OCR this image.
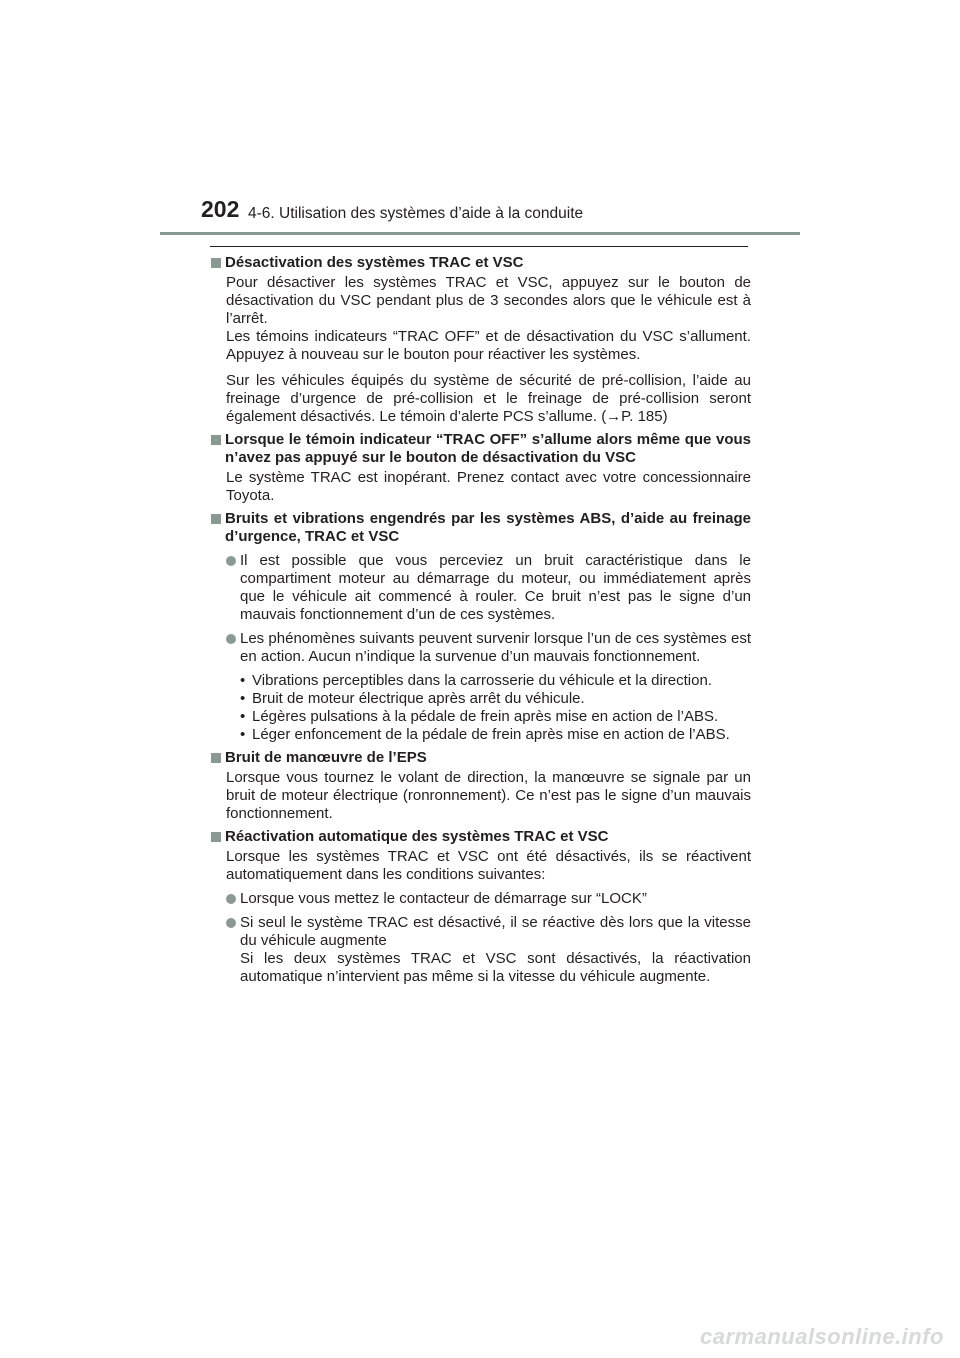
202 4-6. Utilisation des systèmes d’aide à la conduite
Désactivation des systèmes TRAC et VSC
Pour désactiver les systèmes TRAC et VSC, appuyez sur le bouton de désactivation du VSC pendant plus de 3 secondes alors que le véhicule est à l’arrêt.
Les témoins indicateurs “TRAC OFF” et de désactivation du VSC s’allument. Appuyez à nouveau sur le bouton pour réactiver les systèmes.
Sur les véhicules équipés du système de sécurité de pré-collision, l’aide au freinage d’urgence de pré-collision et le freinage de pré-collision seront également désactivés. Le témoin d’alerte PCS s’allume. (→P. 185)
Lorsque le témoin indicateur “TRAC OFF” s’allume alors même que vous n’avez pas appuyé sur le bouton de désactivation du VSC
Le système TRAC est inopérant. Prenez contact avec votre concessionnaire Toyota.
Bruits et vibrations engendrés par les systèmes ABS, d’aide au freinage d’urgence, TRAC et VSC
Il est possible que vous perceviez un bruit caractéristique dans le compartiment moteur au démarrage du moteur, ou immédiatement après que le véhicule ait commencé à rouler. Ce bruit n’est pas le signe d’un mauvais fonctionnement d’un de ces systèmes.
Les phénomènes suivants peuvent survenir lorsque l’un de ces systèmes est en action. Aucun n’indique la survenue d’un mauvais fonctionnement.
• Vibrations perceptibles dans la carrosserie du véhicule et la direction.
• Bruit de moteur électrique après arrêt du véhicule.
• Légères pulsations à la pédale de frein après mise en action de l’ABS.
• Léger enfoncement de la pédale de frein après mise en action de l’ABS.
Bruit de manœuvre de l’EPS
Lorsque vous tournez le volant de direction, la manœuvre se signale par un bruit de moteur électrique (ronronnement). Ce n’est pas le signe d’un mauvais fonctionnement.
Réactivation automatique des systèmes TRAC et VSC
Lorsque les systèmes TRAC et VSC ont été désactivés, ils se réactivent automatiquement dans les conditions suivantes:
Lorsque vous mettez le contacteur de démarrage sur “LOCK”
Si seul le système TRAC est désactivé, il se réactive dès lors que la vitesse du véhicule augmente
Si les deux systèmes TRAC et VSC sont désactivés, la réactivation automatique n’intervient pas même si la vitesse du véhicule augmente.
carmanualsonline.info
